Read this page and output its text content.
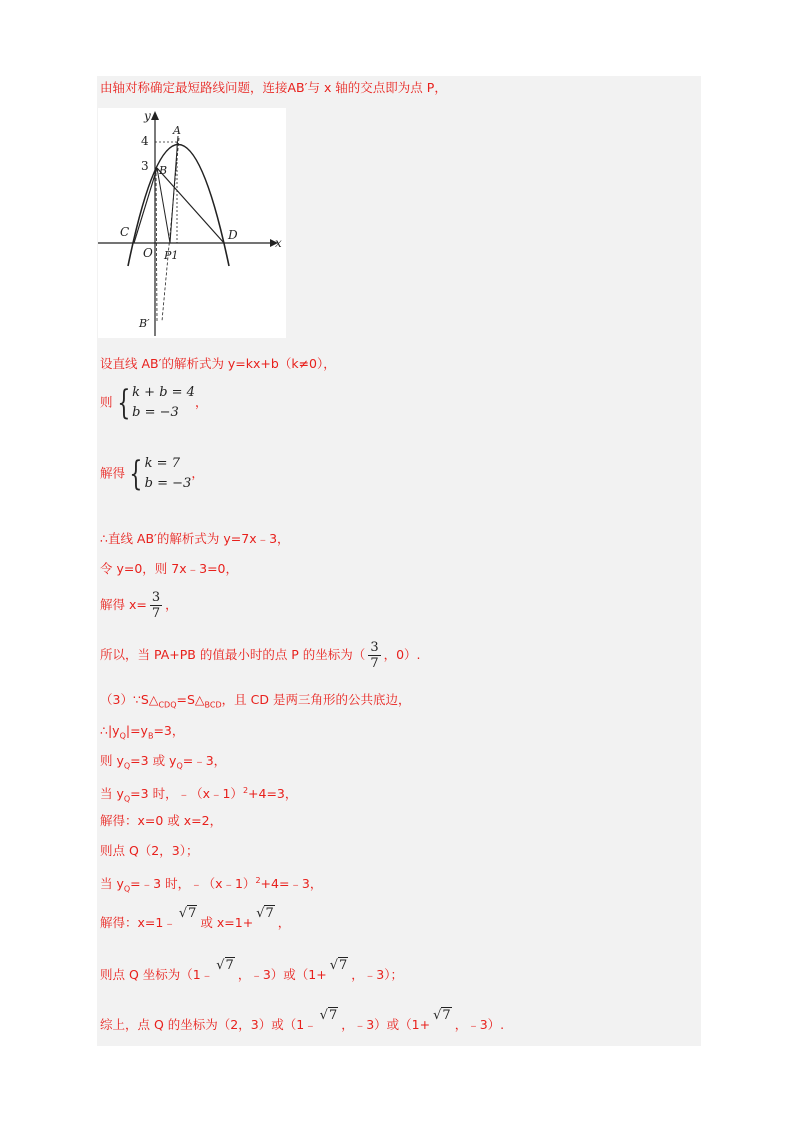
由轴对称确定最短路线问题，连接AB′与 x 轴的交点即为点 P，
y
x
A
B
C	D
O P1
B′
4
3
设直线 AB′的解析式为 y=kx+b（k≠0），
则 { k + b = 4
b = −3
，
解得 { k = 7
b = −3
，
∴直线 AB′的解析式为 y=7x﹣3，
令 y=0，则 7x﹣3=0，
解得 $x= \frac{3}{7}$ ，
所以，当 PA+PB 的值最小时的点 P 的坐标为（ $\frac{3}{7}$ ，0）.
$(3)\because S\triangle_{CDQ}=S\triangle_{BCD}$，且 CD 是两三角形的公共底边，
$\therefore|y_Q|=y_B=3$，
则 $y_Q=3$ 或 $y_Q=﹣3$，
当 $y_Q=3$ 时，﹣（x﹣1）$^2$+4=3，
解得：x=0 或 x=2，
则点 Q（2，3）；
当 $y_Q=﹣3$ 时，﹣（x﹣1）$^2$+4=﹣3，
解得：x=1﹣√7或 x=1+√7，
则点 Q 坐标为（1﹣√7，﹣3）或（1+√7，﹣3）；
综上，点 Q 的坐标为（2，3）或（1﹣√7，﹣3）或（1+√7，﹣3）.
